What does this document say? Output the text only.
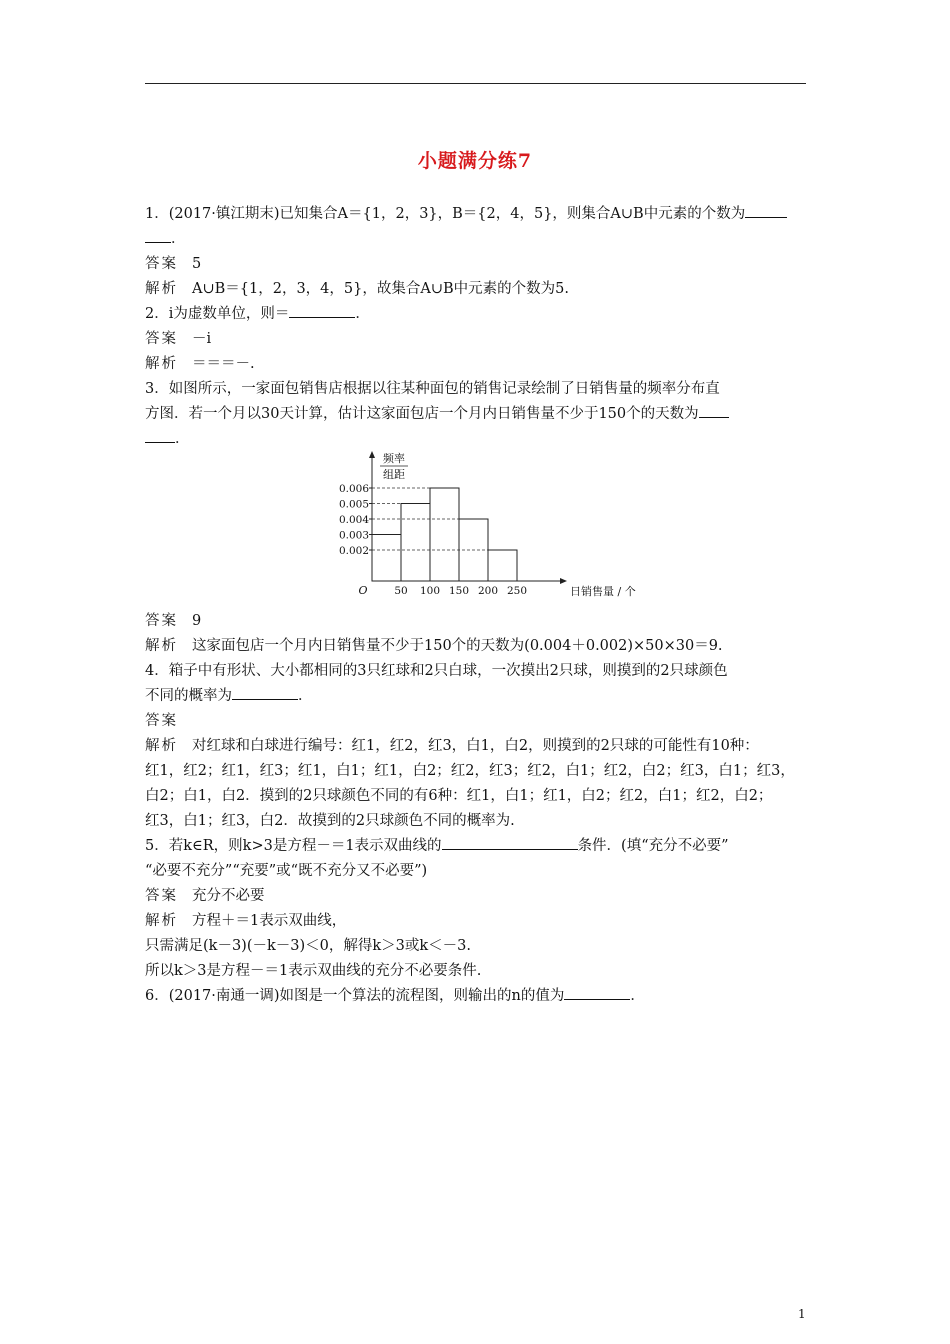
小题满分练7
1．(2017·镇江期末)已知集合A＝{1，2，3}，B＝{2，4，5}，则集合A∪B中元素的个数为
．
答案 5
解析 A∪B＝{1，2，3，4，5}，故集合A∪B中元素的个数为5.
2．i为虚数单位，则＝	．
答案 －i
解析 ＝＝＝－.
3．如图所示，一家面包销售店根据以往某种面包的销售记录绘制了日销售量的频率分布直
方图．若一个月以30天计算，估计这家面包店一个月内日销售量不少于150个的天数为
．
0.006
0.005
0.004
0.003
0.002
50 100 150 200 250
O	日销售量 / 个
频率
组距
答案 9
解析 这家面包店一个月内日销售量不少于150个的天数为(0.004＋0.002)×50×30＝9.
4．箱子中有形状、大小都相同的3只红球和2只白球，一次摸出2只球，则摸到的2只球颜色
不同的概率为	．
答案
解析 对红球和白球进行编号：红1，红2，红3，白1，白2，则摸到的2只球的可能性有10种：
红1，红2；红1，红3；红1，白1；红1，白2；红2，红3；红2，白1；红2，白2；红3，白1；红3，
白2；白1，白2．摸到的2只球颜色不同的有6种：红1，白1；红1，白2；红2，白1；红2，白2；
红3，白1；红3，白2．故摸到的2只球颜色不同的概率为.
5．若k∈R，则k>3是方程－＝1表示双曲线的	条件．(填“充分不必要”
“必要不充分”“充要”或“既不充分又不必要”)
答案 充分不必要
解析 方程＋＝1表示双曲线，
只需满足(k－3)(－k－3)＜0，解得k＞3或k＜－3.
所以k＞3是方程－＝1表示双曲线的充分不必要条件.
6．(2017·南通一调)如图是一个算法的流程图，则输出的n的值为	．
1
